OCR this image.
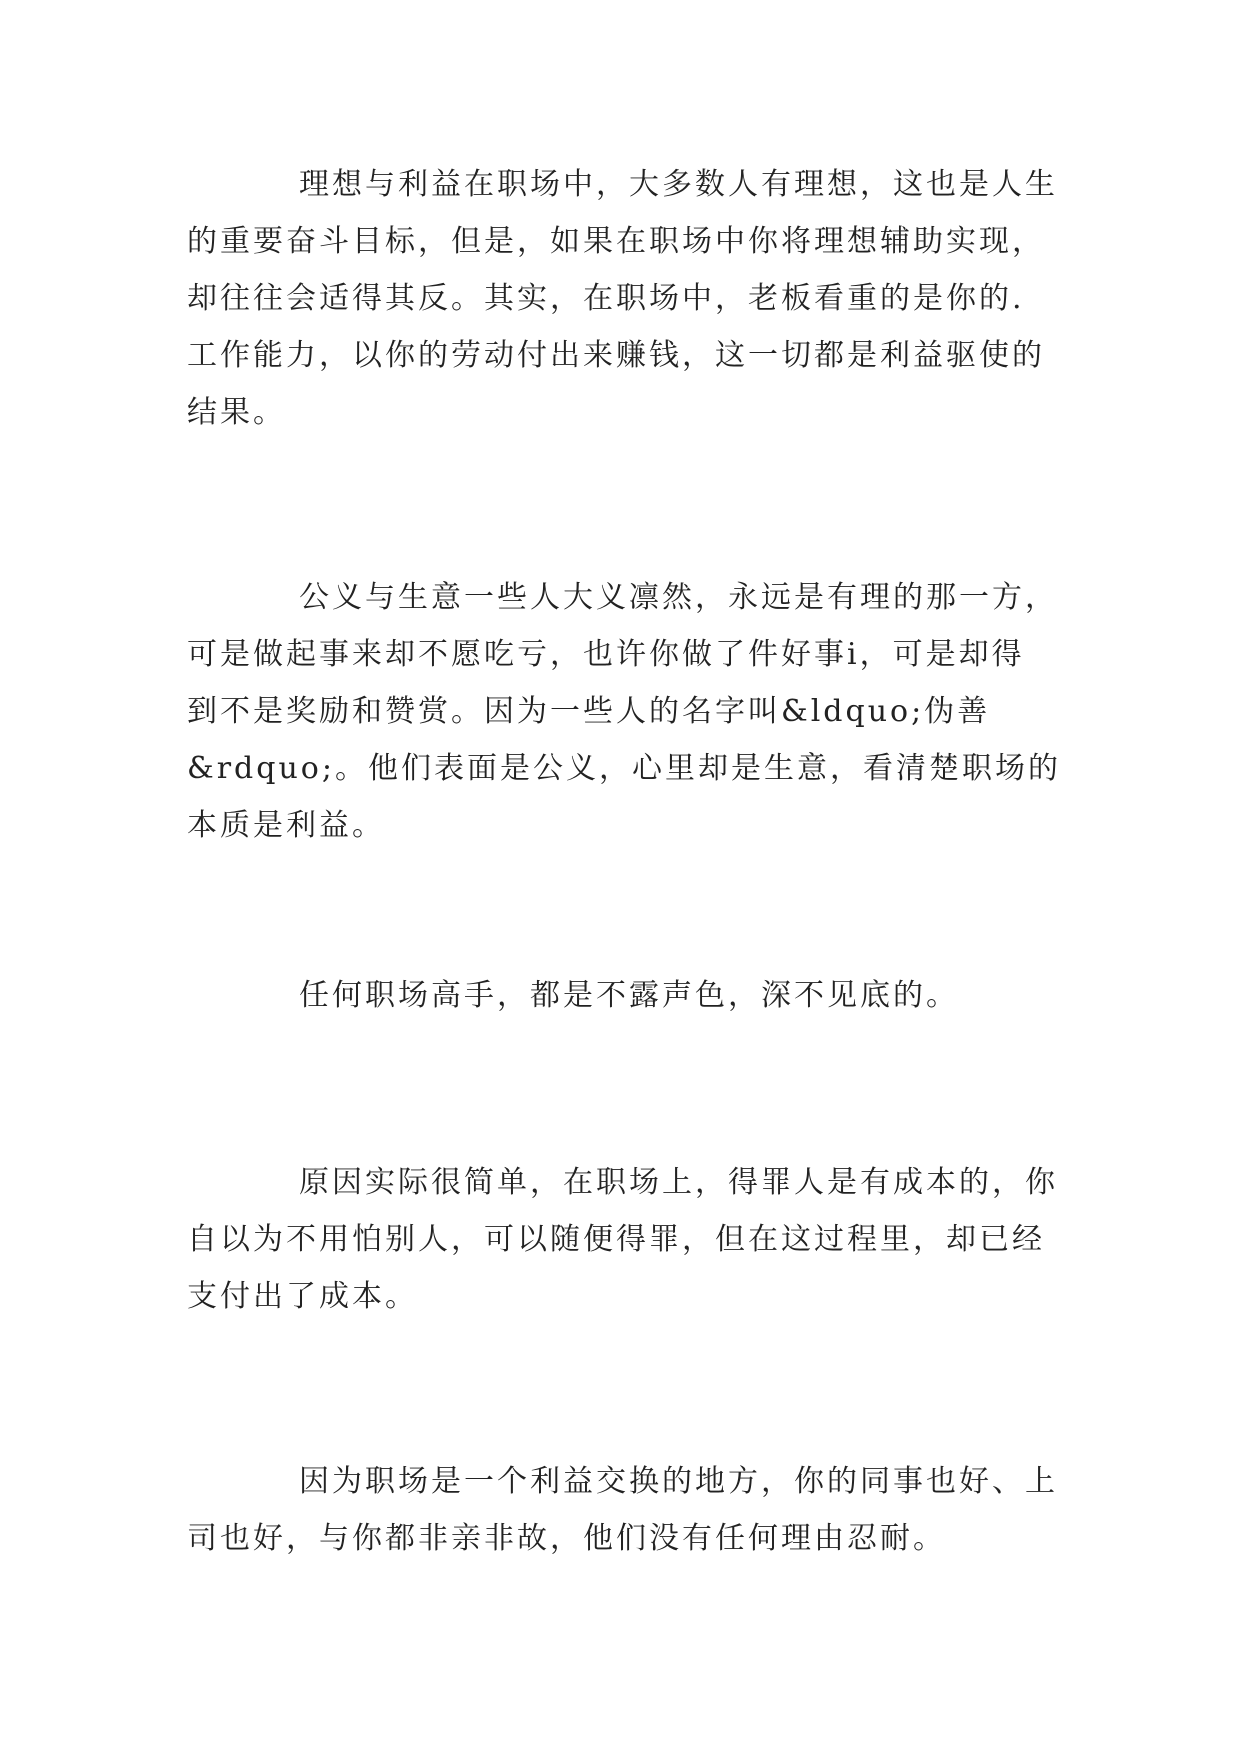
理想与利益在职场中，大多数人有理想，这也是人生
的重要奋斗目标，但是，如果在职场中你将理想辅助实现，
却往往会适得其反。其实，在职场中，老板看重的是你的.
工作能力，以你的劳动付出来赚钱，这一切都是利益驱使的
结果。
公义与生意一些人大义凛然，永远是有理的那一方，
可是做起事来却不愿吃亏，也许你做了件好事i，可是却得
到不是奖励和赞赏。因为一些人的名字叫&ldquo;伪善
&rdquo;。他们表面是公义，心里却是生意，看清楚职场的
本质是利益。
任何职场高手，都是不露声色，深不见底的。
原因实际很简单，在职场上，得罪人是有成本的，你
自以为不用怕别人，可以随便得罪，但在这过程里，却已经
支付出了成本。
因为职场是一个利益交换的地方，你的同事也好、上
司也好，与你都非亲非故，他们没有任何理由忍耐。
